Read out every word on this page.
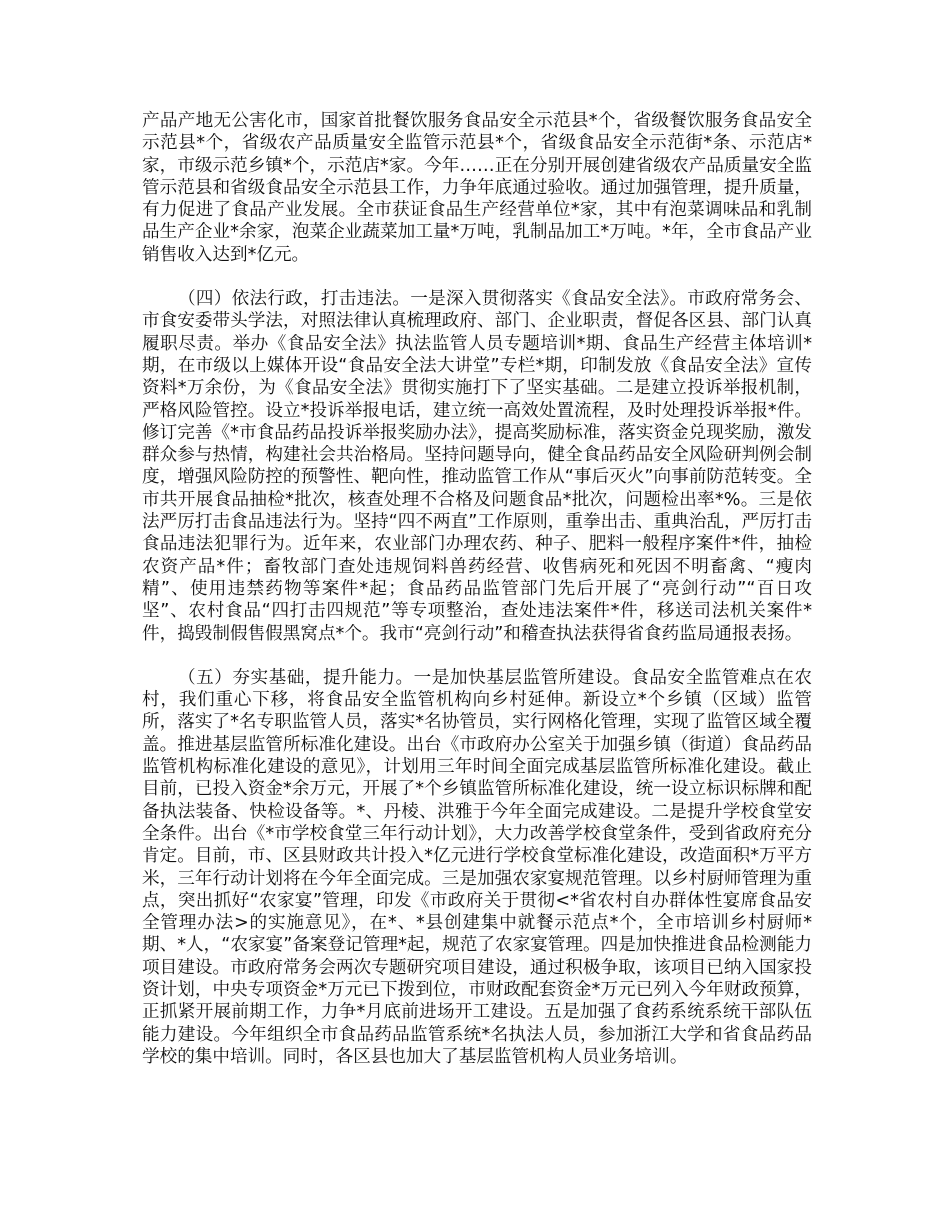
产品产地无公害化市，国家首批餐饮服务食品安全示范县*个，省级餐饮服务食品安全示范县*个，省级农产品质量安全监管示范县*个，省级食品安全示范街*条、示范店*家，市级示范乡镇*个，示范店*家。今年……正在分别开展创建省级农产品质量安全监管示范县和省级食品安全示范县工作，力争年底通过验收。通过加强管理，提升质量，有力促进了食品产业发展。全市获证食品生产经营单位*家，其中有泡菜调味品和乳制品生产企业*余家，泡菜企业蔬菜加工量*万吨，乳制品加工*万吨。*年，全市食品产业销售收入达到*亿元。

（四）依法行政，打击违法。一是深入贯彻落实《食品安全法》。市政府常务会、市食安委带头学法，对照法律认真梳理政府、部门、企业职责，督促各区县、部门认真履职尽责。举办《食品安全法》执法监管人员专题培训*期、食品生产经营主体培训*期，在市级以上媒体开设“食品安全法大讲堂”专栏*期，印制发放《食品安全法》宣传资料*万余份，为《食品安全法》贯彻实施打下了坚实基础。二是建立投诉举报机制，严格风险管控。设立*投诉举报电话，建立统一高效处置流程，及时处理投诉举报*件。修订完善《*市食品药品投诉举报奖励办法》，提高奖励标准，落实资金兑现奖励，激发群众参与热情，构建社会共治格局。坚持问题导向，健全食品药品安全风险研判例会制度，增强风险防控的预警性、靶向性，推动监管工作从“事后灭火”向事前防范转变。全市共开展食品抽检*批次，核查处理不合格及问题食品*批次，问题检出率*%。三是依法严厉打击食品违法行为。坚持“四不两直”工作原则，重拳出击、重典治乱，严厉打击食品违法犯罪行为。近年来，农业部门办理农药、种子、肥料一般程序案件*件，抽检农资产品*件；畜牧部门查处违规饲料兽药经营、收售病死和死因不明畜禽、“瘦肉精”、使用违禁药物等案件*起；食品药品监管部门先后开展了“亮剑行动”“百日攻坚”、农村食品“四打击四规范”等专项整治，查处违法案件*件，移送司法机关案件*件，捣毁制假售假黑窝点*个。我市“亮剑行动”和稽查执法获得省食药监局通报表扬。

（五）夯实基础，提升能力。一是加快基层监管所建设。食品安全监管难点在农村，我们重心下移，将食品安全监管机构向乡村延伸。新设立*个乡镇（区域）监管所，落实了*名专职监管人员，落实*名协管员，实行网格化管理，实现了监管区域全覆盖。推进基层监管所标准化建设。出台《市政府办公室关于加强乡镇（街道）食品药品监管机构标准化建设的意见》，计划用三年时间全面完成基层监管所标准化建设。截止目前，已投入资金*余万元，开展了*个乡镇监管所标准化建设，统一设立标识标牌和配备执法装备、快检设备等。*、丹棱、洪雅于今年全面完成建设。二是提升学校食堂安全条件。出台《*市学校食堂三年行动计划》，大力改善学校食堂条件，受到省政府充分肯定。目前，市、区县财政共计投入*亿元进行学校食堂标准化建设，改造面积*万平方米，三年行动计划将在今年全面完成。三是加强农家宴规范管理。以乡村厨师管理为重点，突出抓好“农家宴”管理，印发《市政府关于贯彻<*省农村自办群体性宴席食品安全管理办法>的实施意见》，在*、*县创建集中就餐示范点*个，全市培训乡村厨师*期、*人，“农家宴”备案登记管理*起，规范了农家宴管理。四是加快推进食品检测能力项目建设。市政府常务会两次专题研究项目建设，通过积极争取，该项目已纳入国家投资计划，中央专项资金*万元已下拨到位，市财政配套资金*万元已列入今年财政预算，正抓紧开展前期工作，力争*月底前进场开工建设。五是加强了食药系统系统干部队伍能力建设。今年组织全市食品药品监管系统*名执法人员，参加浙江大学和省食品药品学校的集中培训。同时，各区县也加大了基层监管机构人员业务培训。
